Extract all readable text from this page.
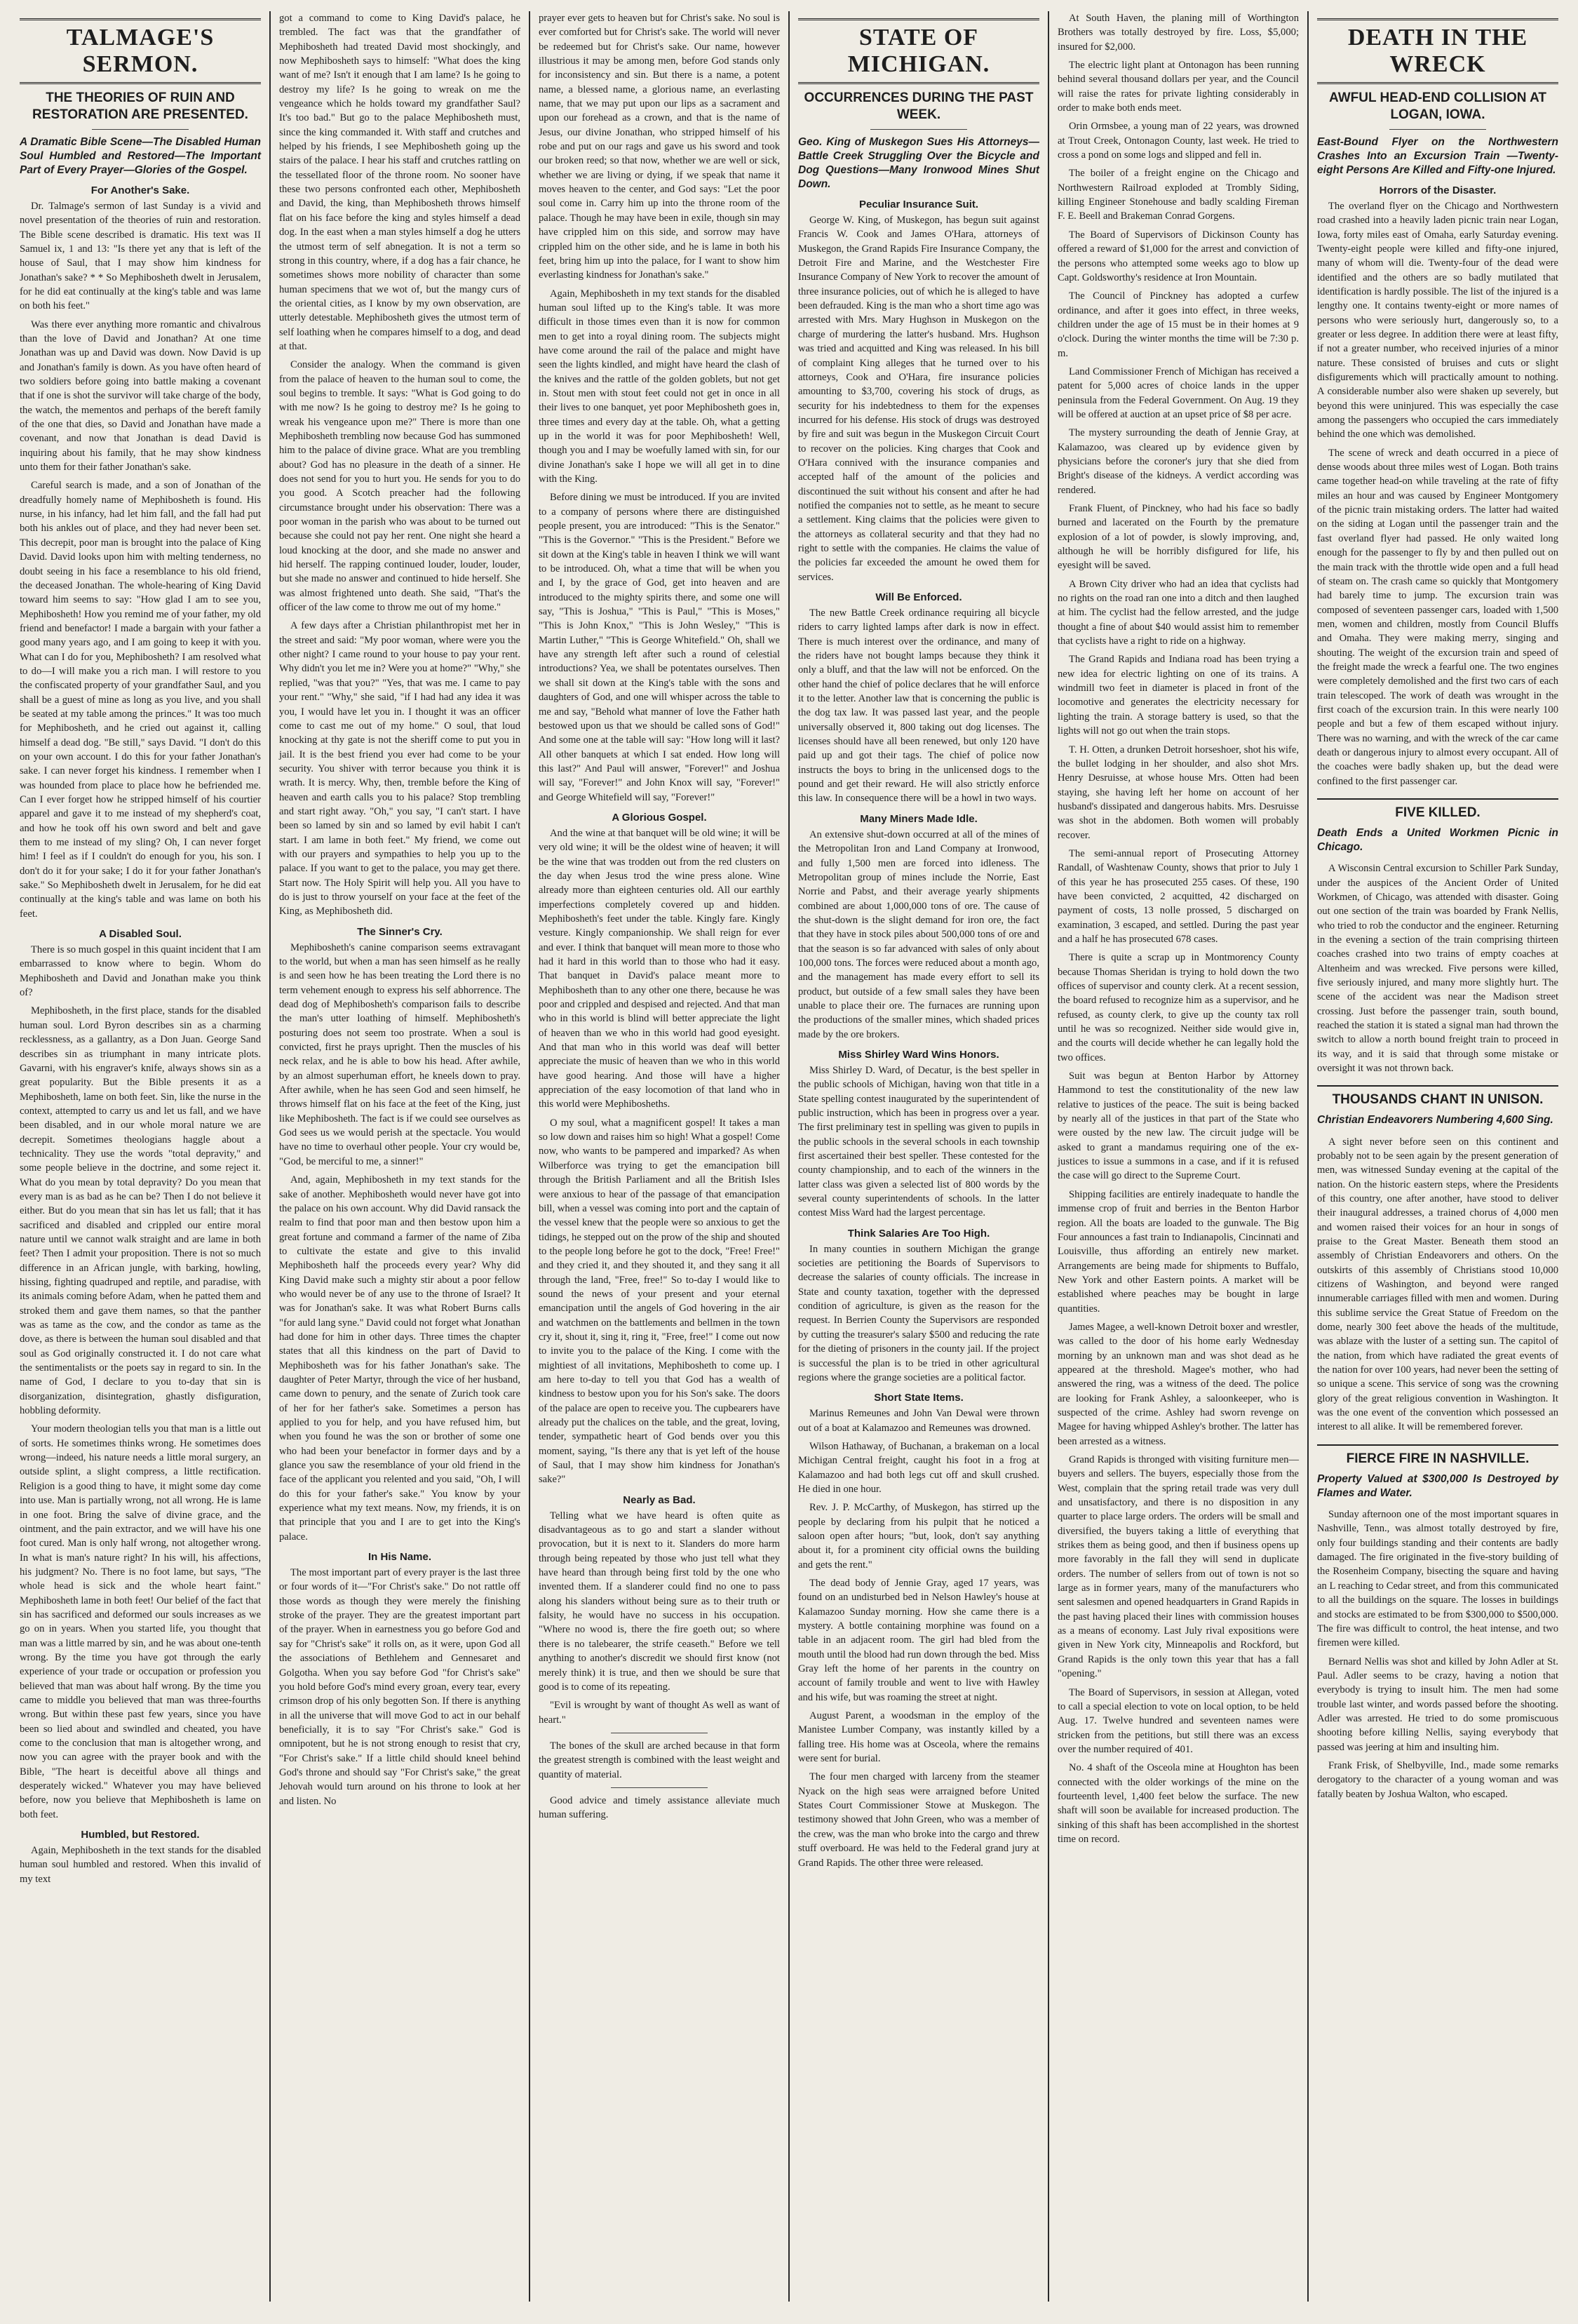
TALMAGE'S SERMON.
THE THEORIES OF RUIN AND RESTORATION ARE PRESENTED.
A Dramatic Bible Scene—The Disabled Human Soul Humbled and Restored—The Important Part of Every Prayer—Glories of the Gospel.
For Another's Sake.

Dr. Talmage's sermon of last Sunday is a vivid and novel presentation of the theories of ruin and restoration. The Bible scene described is dramatic. His text was II Samuel ix, 1 and 13: "Is there yet any that is left of the house of Saul, that I may show him kindness for Jonathan's sake? * * So Mephibosheth dwelt in Jerusalem, for he did eat continually at the king's table and was lame on both his feet."

Was there ever anything more romantic and chivalrous than the love of David and Jonathan? At one time Jonathan was up and David was down. Now David is up and Jonathan's family is down. As you have often heard of two soldiers before going into battle making a covenant that if one is shot the survivor will take charge of the body, the watch, the mementos and perhaps of the bereft family of the one that dies, so David and Jonathan have made a covenant, and now that Jonathan is dead David is inquiring about his family, that he may show kindness unto them for their father Jonathan's sake.

Careful search is made, and a son of Jonathan of the dreadfully homely name of Mephibosheth is found. His nurse, in his infancy, had let him fall, and the fall had put both his ankles out of place, and they had never been set. This decrepit, poor man is brought into the palace of King David. David looks upon him with melting tenderness, no doubt seeing in his face a resemblance to his old friend, the deceased Jonathan. The whole-hearing of King David toward him seems to say: "How glad I am to see you, Mephibosheth! How you remind me of your father, my old friend and benefactor! I made a bargain with your father a good many years ago, and I am going to keep it with you. What can I do for you, Mephibosheth? I am resolved what to do—I will make you a rich man. I will restore to you the confiscated property of your grandfather Saul, and you shall be a guest of mine as long as you live, and you shall be seated at my table among the princes." It was too much for Mephibosheth, and he cried out against it, calling himself a dead dog. "Be still," says David. "I don't do this on your own account. I do this for your father Jonathan's sake. I can never forget his kindness. I remember when I was hounded from place to place how he befriended me. Can I ever forget how he stripped himself of his courtier apparel and gave it to me instead of my shepherd's coat, and how he took off his own sword and belt and gave them to me instead of my sling? Oh, I can never forget him! I feel as if I couldn't do enough for you, his son. I don't do it for your sake; I do it for your father Jonathan's sake." So Mephibosheth dwelt in Jerusalem, for he did eat continually at the king's table and was lame on both his feet.

A Disabled Soul.

There is so much gospel in this quaint incident that I am embarrassed to know where to begin. Whom do Mephibosheth and David and Jonathan make you think of?

Mephibosheth, in the first place, stands for the disabled human soul. Lord Byron describes sin as a charming recklessness, as a gallantry, as a Don Juan. George Sand describes sin as triumphant in many intricate plots. Gavarni, with his engraver's knife, always shows sin as a great popularity. But the Bible presents it as a Mephibosheth, lame on both feet. Sin, like the nurse in the context, attempted to carry us and let us fall, and we have been disabled, and in our whole moral nature we are decrepit. Sometimes theologians haggle about a technicality. They use the words "total depravity," and some people believe in the doctrine, and some reject it. What do you mean by total depravity? Do you mean that every man is as bad as he can be? Then I do not believe it either. But do you mean that sin has let us fall; that it has sacrificed and disabled and crippled our entire moral nature until we cannot walk straight and are lame in both feet? Then I admit your proposition. There is not so much difference in an African jungle, with barking, howling, hissing, fighting quadruped and reptile, and paradise, with its animals coming before Adam, when he patted them and stroked them and gave them names, so that the panther was as tame as the cow, and the condor as tame as the dove, as there is between the human soul disabled and that soul as God originally constructed it. I do not care what the sentimentalists or the poets say in regard to sin. In the name of God, I declare to you to-day that sin is disorganization, disintegration, ghastly disfiguration, hobbling deformity.

Your modern theologian tells you that man is a little out of sorts. He sometimes thinks wrong. He sometimes does wrong—indeed, his nature needs a little moral surgery, an outside splint, a slight compress, a little rectification. Religion is a good thing to have, it might some day come into use. Man is partially wrong, not all wrong. He is lame in one foot. Bring the salve of divine grace, and the ointment, and the pain extractor, and we will have his one foot cured. Man is only half wrong, not altogether wrong. In what is man's nature right? In his will, his affections, his judgment? No. There is no foot lame, but says, "The whole head is sick and the whole heart faint." Mephibosheth lame in both feet! Our belief of the fact that sin has sacrificed and deformed our souls increases as we go on in years. When you started life, you thought that man was a little marred by sin, and he was about one-tenth wrong. By the time you have got through the early experience of your trade or occupation or profession you believed that man was about half wrong. By the time you came to middle you believed that man was three-fourths wrong. But within these past few years, since you have been so lied about and swindled and cheated, you have come to the conclusion that man is altogether wrong, and now you can agree with the prayer book and with the Bible, "The heart is deceitful above all things and desperately wicked." Whatever you may have believed before, now you believe that Mephibosheth is lame on both feet.

Humbled, but Restored.

Again, Mephibosheth in the text stands for the disabled human soul humbled and restored. When this invalid of my text

got a command to come to King David's palace, he trembled. The fact was that the grandfather of Mephibosheth had treated David most shockingly, and now Mephibosheth says to himself: "What does the king want of me? Isn't it enough that I am lame? Is he going to destroy my life? Is he going to wreak on me the vengeance which he holds toward my grandfather Saul? It's too bad." But go to the palace Mephibosheth must, since the king commanded it. With staff and crutches and helped by his friends, I see Mephibosheth going up the stairs of the palace. I hear his staff and crutches rattling on the tessellated floor of the throne room. No sooner have these two persons confronted each other, Mephibosheth and David, the king, than Mephibosheth throws himself flat on his face before the king and styles himself a dead dog. In the east when a man styles himself a dog he utters the utmost term of self abnegation. It is not a term so strong in this country, where, if a dog has a fair chance, he sometimes shows more nobility of character than some human specimens that we wot of, but the mangy curs of the oriental cities, as I know by my own observation, are utterly detestable. Mephibosheth gives the utmost term of self loathing when he compares himself to a dog, and dead at that.

Consider the analogy. When the command is given from the palace of heaven to the human soul to come, the soul begins to tremble. It says: "What is God going to do with me now? Is he going to destroy me? Is he going to wreak his vengeance upon me?" There is more than one Mephibosheth trembling now because God has summoned him to the palace of divine grace. What are you trembling about? God has no pleasure in the death of a sinner. He does not send for you to hurt you. He sends for you to do you good. A Scotch preacher had the following circumstance brought under his observation: There was a poor woman in the parish who was about to be turned out because she could not pay her rent. One night she heard a loud knocking at the door, and she made no answer and hid herself. The rapping continued louder, louder, louder, but she made no answer and continued to hide herself. She was almost frightened unto death. She said, "That's the officer of the law come to throw me out of my home."

A few days after a Christian philanthropist met her in the street and said: "My poor woman, where were you the other night? I came round to your house to pay your rent. Why didn't you let me in? Were you at home?" "Why," she replied, "was that you?" "Yes, that was me. I came to pay your rent." "Why," she said, "if I had had any idea it was you, I would have let you in. I thought it was an officer come to cast me out of my home." O soul, that loud knocking at thy gate is not the sheriff come to put you in jail. It is the best friend you ever had come to be your security. You shiver with terror because you think it is wrath. It is mercy. Why, then, tremble before the King of heaven and earth calls you to his palace? Stop trembling and start right away. "Oh," you say, "I can't start. I have been so lamed by sin and so lamed by evil habit I can't start. I am lame in both feet." My friend, we come out with our prayers and sympathies to help you up to the palace. If you want to get to the palace, you may get there. Start now. The Holy Spirit will help you. All you have to do is just to throw yourself on your face at the feet of the King, as Mephibosheth did.

The Sinner's Cry.

Mephibosheth's canine comparison seems extravagant to the world, but when a man has seen himself as he really is and seen how he has been treating the Lord there is no term vehement enough to express his self abhorrence. The dead dog of Mephibosheth's comparison fails to describe the man's utter loathing of himself. Mephibosheth's posturing does not seem too prostrate. When a soul is convicted, first he prays upright. Then the muscles of his neck relax, and he is able to bow his head. After awhile, by an almost superhuman effort, he kneels down to pray. After awhile, when he has seen God and seen himself, he throws himself flat on his face at the feet of the King, just like Mephibosheth. The fact is if we could see ourselves as God sees us we would perish at the spectacle. You would have no time to overhaul other people. Your cry would be, "God, be merciful to me, a sinner!"

And, again, Mephibosheth in my text stands for the sake of another. Mephibosheth would never have got into the palace on his own account. Why did David ransack the realm to find that poor man and then bestow upon him a great fortune and command a farmer of the name of Ziba to cultivate the estate and give to this invalid Mephibosheth half the proceeds every year? Why did King David make such a mighty stir about a poor fellow who would never be of any use to the throne of Israel? It was for Jonathan's sake. It was what Robert Burns calls "for auld lang syne." David could not forget what Jonathan had done for him in other days. Three times the chapter states that all this kindness on the part of David to Mephibosheth was for his father Jonathan's sake. The daughter of Peter Martyr, through the vice of her husband, came down to penury, and the senate of Zurich took care of her for her father's sake. Sometimes a person has applied to you for help, and you have refused him, but when you found he was the son or brother of some one who had been your benefactor in former days and by a glance you saw the resemblance of your old friend in the face of the applicant you relented and you said, "Oh, I will do this for your father's sake." You know by your experience what my text means. Now, my friends, it is on that principle that you and I are to get into the King's palace.

In His Name.

The most important part of every prayer is the last three or four words of it—"For Christ's sake." Do not rattle off those words as though they were merely the finishing stroke of the prayer. They are the greatest important part of the prayer. When in earnestness you go before God and say for "Christ's sake" it rolls on, as it were, upon God all the associations of Bethlehem and Gennesaret and Golgotha. When you say before God "for Christ's sake" you hold before God's mind every groan, every tear, every crimson drop of his only begotten Son. If there is anything in all the universe that will move God to act in our behalf beneficially, it is to say "For Christ's sake." God is omnipotent, but he is not strong enough to resist that cry, "For Christ's sake." If a little child should kneel behind God's throne and should say "For Christ's sake," the great Jehovah would turn around on his throne to look at her and listen. No

prayer ever gets to heaven but for Christ's sake. No soul is ever comforted but for Christ's sake. The world will never be redeemed but for Christ's sake. Our name, however illustrious it may be among men, before God stands only for inconsistency and sin. But there is a name, a potent name, a blessed name, a glorious name, an everlasting name, that we may put upon our lips as a sacrament and upon our forehead as a crown, and that is the name of Jesus, our divine Jonathan, who stripped himself of his robe and put on our rags and gave us his sword and took our broken reed; so that now, whether we are well or sick, whether we are living or dying, if we speak that name it moves heaven to the center, and God says: "Let the poor soul come in. Carry him up into the throne room of the palace. Though he may have been in exile, though sin may have crippled him on this side, and sorrow may have crippled him on the other side, and he is lame in both his feet, bring him up into the palace, for I want to show him everlasting kindness for Jonathan's sake."

Again, Mephibosheth in my text stands for the disabled human soul lifted up to the King's table. It was more difficult in those times even than it is now for common men to get into a royal dining room. The subjects might have come around the rail of the palace and might have seen the lights kindled, and might have heard the clash of the knives and the rattle of the golden goblets, but not get in. Stout men with stout feet could not get in once in all their lives to one banquet, yet poor Mephibosheth goes in, three times and every day at the table. Oh, what a getting up in the world it was for poor Mephibosheth! Well, though you and I may be woefully lamed with sin, for our divine Jonathan's sake I hope we will all get in to dine with the King.

Before dining we must be introduced. If you are invited to a company of persons where there are distinguished people present, you are introduced: "This is the Senator." "This is the Governor." "This is the President." Before we sit down at the King's table in heaven I think we will want to be introduced. Oh, what a time that will be when you and I, by the grace of God, get into heaven and are introduced to the mighty spirits there, and some one will say, "This is Joshua," "This is Paul," "This is Moses," "This is John Knox," "This is John Wesley," "This is Martin Luther," "This is George Whitefield." Oh, shall we have any strength left after such a round of celestial introductions? Yea, we shall be potentates ourselves. Then we shall sit down at the King's table with the sons and daughters of God, and one will whisper across the table to me and say, "Behold what manner of love the Father hath bestowed upon us that we should be called sons of God!" And some one at the table will say: "How long will it last? All other banquets at which I sat ended. How long will this last?" And Paul will answer, "Forever!" and Joshua will say, "Forever!" and John Knox will say, "Forever!" and George Whitefield will say, "Forever!"

A Glorious Gospel.

And the wine at that banquet will be old wine; it will be very old wine; it will be the oldest wine of heaven; it will be the wine that was trodden out from the red clusters on the day when Jesus trod the wine press alone. Wine already more than eighteen centuries old. All our earthly imperfections completely covered up and hidden. Mephibosheth's feet under the table. Kingly fare. Kingly vesture. Kingly companionship. We shall reign for ever and ever. I think that banquet will mean more to those who had it hard in this world than to those who had it easy. That banquet in David's palace meant more to Mephibosheth than to any other one there, because he was poor and crippled and despised and rejected. And that man who in this world is blind will better appreciate the light of heaven than we who in this world had good eyesight. And that man who in this world was deaf will better appreciate the music of heaven than we who in this world have good hearing. And those will have a higher appreciation of the easy locomotion of that land who in this world were Mephibosheths.

O my soul, what a magnificent gospel! It takes a man so low down and raises him so high! What a gospel! Come now, who wants to be pampered and imparked? As when Wilberforce was trying to get the emancipation bill through the British Parliament and all the British Isles were anxious to hear of the passage of that emancipation bill, when a vessel was coming into port and the captain of the vessel knew that the people were so anxious to get the tidings, he stepped out on the prow of the ship and shouted to the people long before he got to the dock, "Free! Free!" and they cried it, and they shouted it, and they sang it all through the land, "Free, free!" So to-day I would like to sound the news of your present and your eternal emancipation until the angels of God hovering in the air and watchmen on the battlements and bellmen in the town cry it, shout it, sing it, ring it, "Free, free!" I come out now to invite you to the palace of the King. I come with the mightiest of all invitations, Mephibosheth to come up. I am here to-day to tell you that God has a wealth of kindness to bestow upon you for his Son's sake. The doors of the palace are open to receive you. The cupbearers have already put the chalices on the table, and the great, loving, tender, sympathetic heart of God bends over you this moment, saying, "Is there any that is yet left of the house of Saul, that I may show him kindness for Jonathan's sake?"

Nearly as Bad.

Telling what we have heard is often quite as disadvantageous as to go and start a slander without provocation, but it is next to it. Slanders do more harm through being repeated by those who just tell what they have heard than through being first told by the one who invented them. If a slanderer could find no one to pass along his slanders without being sure as to their truth or falsity, he would have no success in his occupation. "Where no wood is, there the fire goeth out; so where there is no talebearer, the strife ceaseth." Before we tell anything to another's discredit we should first know (not merely think) it is true, and then we should be sure that good is to come of its repeating.

"Evil is wrought by want of thought As well as want of heart."

The bones of the skull are arched because in that form the greatest strength is combined with the least weight and quantity of material.

Good advice and timely assistance alleviate much human suffering.

STATE OF MICHIGAN.
OCCURRENCES DURING THE PAST WEEK.
Geo. King of Muskegon Sues His Attorneys—Battle Creek Struggling Over the Bicycle and Dog Questions—Many Ironwood Mines Shut Down.
Peculiar Insurance Suit.

George W. King, of Muskegon, has begun suit against Francis W. Cook and James O'Hara, attorneys of Muskegon, the Grand Rapids Fire Insurance Company, the Detroit Fire and Marine, and the Westchester Fire Insurance Company of New York to recover the amount of three insurance policies, out of which he is alleged to have been defrauded. King is the man who a short time ago was arrested with Mrs. Mary Hughson in Muskegon on the charge of murdering the latter's husband. Mrs. Hughson was tried and acquitted and King was released. In his bill of complaint King alleges that he turned over to his attorneys, Cook and O'Hara, fire insurance policies amounting to $3,700, covering his stock of drugs, as security for his indebtedness to them for the expenses incurred for his defense. His stock of drugs was destroyed by fire and suit was begun in the Muskegon Circuit Court to recover on the policies. King charges that Cook and O'Hara connived with the insurance companies and accepted half of the amount of the policies and discontinued the suit without his consent and after he had notified the companies not to settle, as he meant to secure a settlement. King claims that the policies were given to the attorneys as collateral security and that they had no right to settle with the companies. He claims the value of the policies far exceeded the amount he owed them for services.

Will Be Enforced.

The new Battle Creek ordinance requiring all bicycle riders to carry lighted lamps after dark is now in effect. There is much interest over the ordinance, and many of the riders have not bought lamps because they think it only a bluff, and that the law will not be enforced. On the other hand the chief of police declares that he will enforce it to the letter. Another law that is concerning the public is the dog tax law. It was passed last year, and the people universally observed it, 800 taking out dog licenses. The licenses should have all been renewed, but only 120 have paid up and got their tags. The chief of police now instructs the boys to bring in the unlicensed dogs to the pound and get their reward. He will also strictly enforce this law. In consequence there will be a howl in two ways.

Many Miners Made Idle.

An extensive shut-down occurred at all of the mines of the Metropolitan Iron and Land Company at Ironwood, and fully 1,500 men are forced into idleness. The Metropolitan group of mines include the Norrie, East Norrie and Pabst, and their average yearly shipments combined are about 1,000,000 tons of ore. The cause of the shut-down is the slight demand for iron ore, the fact that they have in stock piles about 500,000 tons of ore and that the season is so far advanced with sales of only about 100,000 tons. The forces were reduced about a month ago, and the management has made every effort to sell its product, but outside of a few small sales they have been unable to place their ore. The furnaces are running upon the productions of the smaller mines, which shaded prices made by the ore brokers.

Miss Shirley Ward Wins Honors.

Miss Shirley D. Ward, of Decatur, is the best speller in the public schools of Michigan, having won that title in a State spelling contest inaugurated by the superintendent of public instruction, which has been in progress over a year. The first preliminary test in spelling was given to pupils in the public schools in the several schools in each township first ascertained their best speller. These contested for the county championship, and to each of the winners in the latter class was given a selected list of 800 words by the several county superintendents of schools. In the latter contest Miss Ward had the largest percentage.

Think Salaries Are Too High.

In many counties in southern Michigan the grange societies are petitioning the Boards of Supervisors to decrease the salaries of county officials. The increase in State and county taxation, together with the depressed condition of agriculture, is given as the reason for the request. In Berrien County the Supervisors are responded by cutting the treasurer's salary $500 and reducing the rate for the dieting of prisoners in the county jail. If the project is successful the plan is to be tried in other agricultural regions where the grange societies are a political factor.

Short State Items.

Marinus Remeunes and John Van Dewal were thrown out of a boat at Kalamazoo and Remeunes was drowned.

Wilson Hathaway, of Buchanan, a brakeman on a local Michigan Central freight, caught his foot in a frog at Kalamazoo and had both legs cut off and skull crushed. He died in one hour.

Rev. J. P. McCarthy, of Muskegon, has stirred up the people by declaring from his pulpit that he noticed a saloon open after hours; "but, look, don't say anything about it, for a prominent city official owns the building and gets the rent."

The dead body of Jennie Gray, aged 17 years, was found on an undisturbed bed in Nelson Hawley's house at Kalamazoo Sunday morning. How she came there is a mystery. A bottle containing morphine was found on a table in an adjacent room. The girl had bled from the mouth until the blood had run down through the bed. Miss Gray left the home of her parents in the country on account of family trouble and went to live with Hawley and his wife, but was roaming the street at night.

August Parent, a woodsman in the employ of the Manistee Lumber Company, was instantly killed by a falling tree. His home was at Osceola, where the remains were sent for burial.

The four men charged with larceny from the steamer Nyack on the high seas were arraigned before United States Court Commissioner Stowe at Muskegon. The testimony showed that John Green, who was a member of the crew, was the man who broke into the cargo and threw stuff overboard. He was held to the Federal grand jury at Grand Rapids. The other three were released.

At South Haven, the planing mill of Worthington Brothers was totally destroyed by fire. Loss, $5,000; insured for $2,000.

The electric light plant at Ontonagon has been running behind several thousand dollars per year, and the Council will raise the rates for private lighting considerably in order to make both ends meet.

Orin Ormsbee, a young man of 22 years, was drowned at Trout Creek, Ontonagon County, last week. He tried to cross a pond on some logs and slipped and fell in.

The boiler of a freight engine on the Chicago and Northwestern Railroad exploded at Trombly Siding, killing Engineer Stonehouse and badly scalding Fireman F. E. Beell and Brakeman Conrad Gorgens.

The Board of Supervisors of Dickinson County has offered a reward of $1,000 for the arrest and conviction of the persons who attempted some weeks ago to blow up Capt. Goldsworthy's residence at Iron Mountain.

The Council of Pinckney has adopted a curfew ordinance, and after it goes into effect, in three weeks, children under the age of 15 must be in their homes at 9 o'clock. During the winter months the time will be 7:30 p. m.

Land Commissioner French of Michigan has received a patent for 5,000 acres of choice lands in the upper peninsula from the Federal Government. On Aug. 19 they will be offered at auction at an upset price of $8 per acre.

The mystery surrounding the death of Jennie Gray, at Kalamazoo, was cleared up by evidence given by physicians before the coroner's jury that she died from Bright's disease of the kidneys. A verdict according was rendered.

Frank Fluent, of Pinckney, who had his face so badly burned and lacerated on the Fourth by the premature explosion of a lot of powder, is slowly improving, and, although he will be horribly disfigured for life, his eyesight will be saved.

A Brown City driver who had an idea that cyclists had no rights on the road ran one into a ditch and then laughed at him. The cyclist had the fellow arrested, and the judge thought a fine of about $40 would assist him to remember that cyclists have a right to ride on a highway.

The Grand Rapids and Indiana road has been trying a new idea for electric lighting on one of its trains. A windmill two feet in diameter is placed in front of the locomotive and generates the electricity necessary for lighting the train. A storage battery is used, so that the lights will not go out when the train stops.

T. H. Otten, a drunken Detroit horseshoer, shot his wife, the bullet lodging in her shoulder, and also shot Mrs. Henry Desruisse, at whose house Mrs. Otten had been staying, she having left her home on account of her husband's dissipated and dangerous habits. Mrs. Desruisse was shot in the abdomen. Both women will probably recover.

The semi-annual report of Prosecuting Attorney Randall, of Washtenaw County, shows that prior to July 1 of this year he has prosecuted 255 cases. Of these, 190 have been convicted, 2 acquitted, 42 discharged on payment of costs, 13 nolle prossed, 5 discharged on examination, 3 escaped, and settled. During the past year and a half he has prosecuted 678 cases.

There is quite a scrap up in Montmorency County because Thomas Sheridan is trying to hold down the two offices of supervisor and county clerk. At a recent session, the board refused to recognize him as a supervisor, and he refused, as county clerk, to give up the county tax roll until he was so recognized. Neither side would give in, and the courts will decide whether he can legally hold the two offices.

Suit was begun at Benton Harbor by Attorney Hammond to test the constitutionality of the new law relative to justices of the peace. The suit is being backed by nearly all of the justices in that part of the State who were ousted by the new law. The circuit judge will be asked to grant a mandamus requiring one of the ex-justices to issue a summons in a case, and if it is refused the case will go direct to the Supreme Court.

Shipping facilities are entirely inadequate to handle the immense crop of fruit and berries in the Benton Harbor region. All the boats are loaded to the gunwale. The Big Four announces a fast train to Indianapolis, Cincinnati and Louisville, thus affording an entirely new market. Arrangements are being made for shipments to Buffalo, New York and other Eastern points. A market will be established where peaches may be bought in large quantities.

James Magee, a well-known Detroit boxer and wrestler, was called to the door of his home early Wednesday morning by an unknown man and was shot dead as he appeared at the threshold. Magee's mother, who had answered the ring, was a witness of the deed. The police are looking for Frank Ashley, a saloonkeeper, who is suspected of the crime. Ashley had sworn revenge on Magee for having whipped Ashley's brother. The latter has been arrested as a witness.

Grand Rapids is thronged with visiting furniture men—buyers and sellers. The buyers, especially those from the West, complain that the spring retail trade was very dull and unsatisfactory, and there is no disposition in any quarter to place large orders. The orders will be small and diversified, the buyers taking a little of everything that strikes them as being good, and then if business opens up more favorably in the fall they will send in duplicate orders. The number of sellers from out of town is not so large as in former years, many of the manufacturers who sent salesmen and opened headquarters in Grand Rapids in the past having placed their lines with commission houses as a means of economy. Last July rival expositions were given in New York city, Minneapolis and Rockford, but Grand Rapids is the only town this year that has a fall "opening."

The Board of Supervisors, in session at Allegan, voted to call a special election to vote on local option, to be held Aug. 17. Twelve hundred and seventeen names were stricken from the petitions, but still there was an excess over the number required of 401.

No. 4 shaft of the Osceola mine at Houghton has been connected with the older workings of the mine on the fourteenth level, 1,400 feet below the surface. The new shaft will soon be available for increased production. The sinking of this shaft has been accomplished in the shortest time on record.

DEATH IN THE WRECK
AWFUL HEAD-END COLLISION AT LOGAN, IOWA.
East-Bound Flyer on the Northwestern Crashes Into an Excursion Train —Twenty-eight Persons Are Killed and Fifty-one Injured.
Horrors of the Disaster.

The overland flyer on the Chicago and Northwestern road crashed into a heavily laden picnic train near Logan, Iowa, forty miles east of Omaha, early Saturday evening. Twenty-eight people were killed and fifty-one injured, many of whom will die. Twenty-four of the dead were identified and the others are so badly mutilated that identification is hardly possible. The list of the injured is a lengthy one. It contains twenty-eight or more names of persons who were seriously hurt, dangerously so, to a greater or less degree. In addition there were at least fifty, if not a greater number, who received injuries of a minor nature. These consisted of bruises and cuts or slight disfigurements which will practically amount to nothing. A considerable number also were shaken up severely, but beyond this were uninjured. This was especially the case among the passengers who occupied the cars immediately behind the one which was demolished.

The scene of wreck and death occurred in a piece of dense woods about three miles west of Logan. Both trains came together head-on while traveling at the rate of fifty miles an hour and was caused by Engineer Montgomery of the picnic train mistaking orders. The latter had waited on the siding at Logan until the passenger train and the fast overland flyer had passed. He only waited long enough for the passenger to fly by and then pulled out on the main track with the throttle wide open and a full head of steam on. The crash came so quickly that Montgomery had barely time to jump. The excursion train was composed of seventeen passenger cars, loaded with 1,500 men, women and children, mostly from Council Bluffs and Omaha. They were making merry, singing and shouting. The weight of the excursion train and speed of the freight made the wreck a fearful one. The two engines were completely demolished and the first two cars of each train telescoped. The work of death was wrought in the first coach of the excursion train. In this were nearly 100 people and but a few of them escaped without injury. There was no warning, and with the wreck of the car came death or dangerous injury to almost every occupant. All of the coaches were badly shaken up, but the dead were confined to the first passenger car.

FIVE KILLED.
Death Ends a United Workmen Picnic in Chicago.

A Wisconsin Central excursion to Schiller Park Sunday, under the auspices of the Ancient Order of United Workmen, of Chicago, was attended with disaster. Going out one section of the train was boarded by Frank Nellis, who tried to rob the conductor and the engineer. Returning in the evening a section of the train comprising thirteen coaches crashed into two trains of empty coaches at Altenheim and was wrecked. Five persons were killed, five seriously injured, and many more slightly hurt. The scene of the accident was near the Madison street crossing. Just before the passenger train, south bound, reached the station it is stated a signal man had thrown the switch to allow a north bound freight train to proceed in its way, and it is said that through some mistake or oversight it was not thrown back.

THOUSANDS CHANT IN UNISON.
Christian Endeavorers Numbering 4,600 Sing.

A sight never before seen on this continent and probably not to be seen again by the present generation of men, was witnessed Sunday evening at the capital of the nation. On the historic eastern steps, where the Presidents of this country, one after another, have stood to deliver their inaugural addresses, a trained chorus of 4,000 men and women raised their voices for an hour in songs of praise to the Great Master. Beneath them stood an assembly of Christian Endeavorers and others. On the outskirts of this assembly of Christians stood 10,000 citizens of Washington, and beyond were ranged innumerable carriages filled with men and women. During this sublime service the Great Statue of Freedom on the dome, nearly 300 feet above the heads of the multitude, was ablaze with the luster of a setting sun. The capitol of the nation, from which have radiated the great events of the nation for over 100 years, had never been the setting of so unique a scene. This service of song was the crowning glory of the great religious convention in Washington. It was the one event of the convention which possessed an interest to all alike. It will be remembered forever.

FIERCE FIRE IN NASHVILLE.
Property Valued at $300,000 Is Destroyed by Flames and Water.

Sunday afternoon one of the most important squares in Nashville, Tenn., was almost totally destroyed by fire, only four buildings standing and their contents are badly damaged. The fire originated in the five-story building of the Rosenheim Company, bisecting the square and having an L reaching to Cedar street, and from this communicated to all the buildings on the square. The losses in buildings and stocks are estimated to be from $300,000 to $500,000. The fire was difficult to control, the heat intense, and two firemen were killed.

Bernard Nellis was shot and killed by John Adler at St. Paul. Adler seems to be crazy, having a notion that everybody is trying to insult him. The men had some trouble last winter, and words passed before the shooting. Adler was arrested. He tried to do some promiscuous shooting before killing Nellis, saying everybody that passed was jeering at him and insulting him.

Frank Frisk, of Shelbyville, Ind., made some remarks derogatory to the character of a young woman and was fatally beaten by Joshua Walton, who escaped.
